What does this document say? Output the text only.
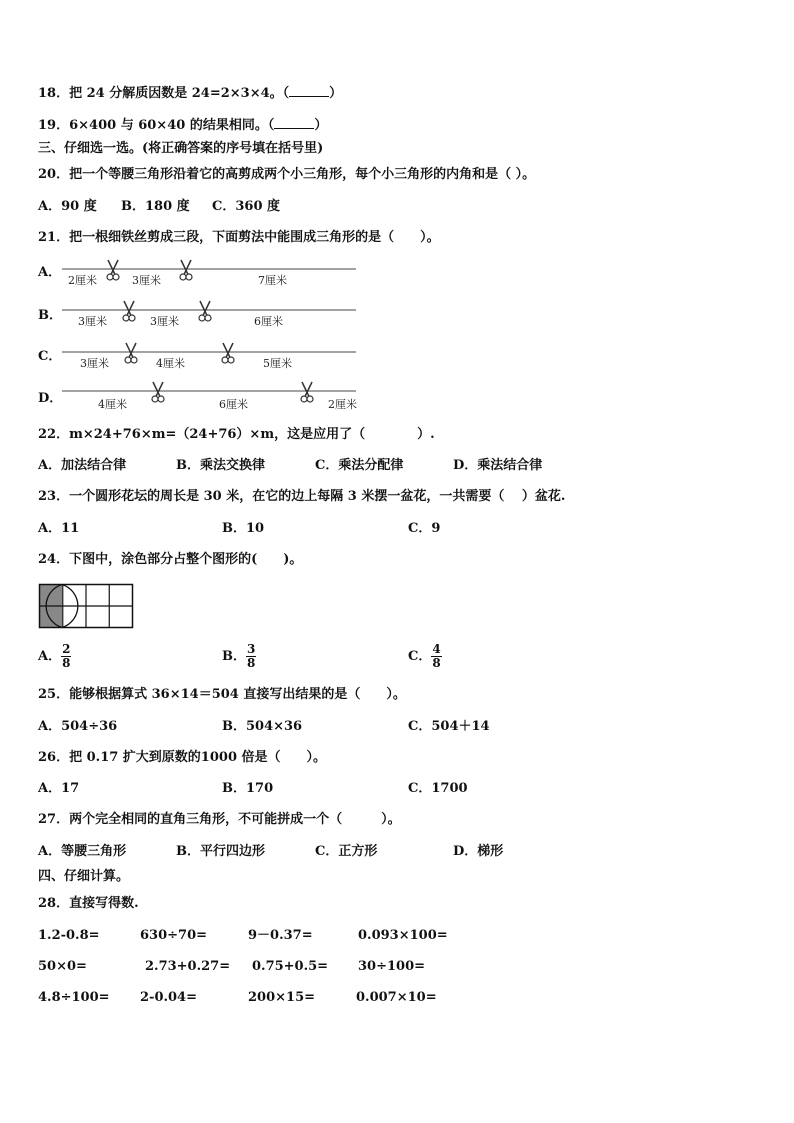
18．把 24 分解质因数是 24=2×3×4。（	）
19．6×400 与 60×40 的结果相同。（	）
三、仔细选一选。(将正确答案的序号填在括号里)
20．把一个等腰三角形沿着它的高剪成两个小三角形，每个小三角形的内角和是（ ）。
A．90 度 B．180 度 C．360 度
21．把一根细铁丝剪成三段，下面剪法中能围成三角形的是（　　）。
A．
B．
C．
D．
2厘米	3厘米	7厘米
3厘米	3厘米	6厘米
3厘米	4厘米	5厘米
4厘米	6厘米	2厘米
22．m×24+76×m=（24+76）×m，这是应用了（　　　　）.
A．加法结合律	B．乘法交换律	C．乘法分配律	D．乘法结合律
23．一个圆形花坛的周长是 30 米，在它的边上每隔 3 米摆一盆花，一共需要（　 ）盆花.
A．11	B．10	C．9
24．下图中，涂色部分占整个图形的(　　)。
A． $\frac{2}{8}$	B． $\frac{3}{8}$	C． $\frac{4}{8}$
25．能够根据算式 36×14＝504 直接写出结果的是（　　）。
A．504÷36	B．504×36	C．504＋14
26．把 0.17 扩大到原数的1000 倍是（　　）。
A．17	B．170	C．1700
27．两个完全相同的直角三角形，不可能拼成一个（　　　）。
A．等腰三角形	B．平行四边形	C．正方形	D．梯形
四、仔细计算。
28．直接写得数.
1.2-0.8=	630÷70=	9－0.37=	0.093×100=
50×0=	2.73+0.27= 0.75+0.5= 30÷100=
4.8÷100= 2-0.04=	200×15=	0.007×10=
